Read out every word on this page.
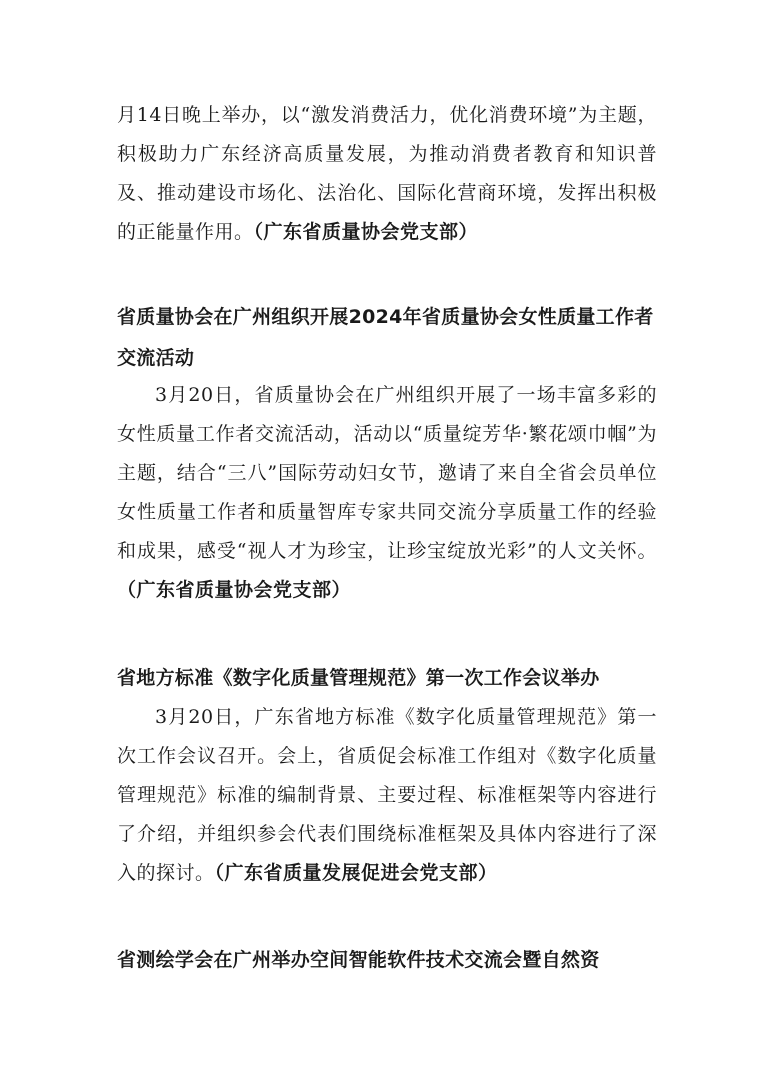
月14日晚上举办，以“激发消费活力，优化消费环境”为主题，积极助力广东经济高质量发展，为推动消费者教育和知识普及、推动建设市场化、法治化、国际化营商环境，发挥出积极的正能量作用。（广东省质量协会党支部）

省质量协会在广州组织开展2024年省质量协会女性质量工作者交流活动

3月20日，省质量协会在广州组织开展了一场丰富多彩的女性质量工作者交流活动，活动以“质量绽芳华·繁花颂巾帼”为主题，结合“三八”国际劳动妇女节，邀请了来自全省会员单位女性质量工作者和质量智库专家共同交流分享质量工作的经验和成果，感受“视人才为珍宝，让珍宝绽放光彩”的人文关怀。（广东省质量协会党支部）

省地方标准《数字化质量管理规范》第一次工作会议举办

3月20日，广东省地方标准《数字化质量管理规范》第一次工作会议召开。会上，省质促会标准工作组对《数字化质量管理规范》标准的编制背景、主要过程、标准框架等内容进行了介绍，并组织参会代表们围绕标准框架及具体内容进行了深入的探讨。（广东省质量发展促进会党支部）

省测绘学会在广州举办空间智能软件技术交流会暨自然资
